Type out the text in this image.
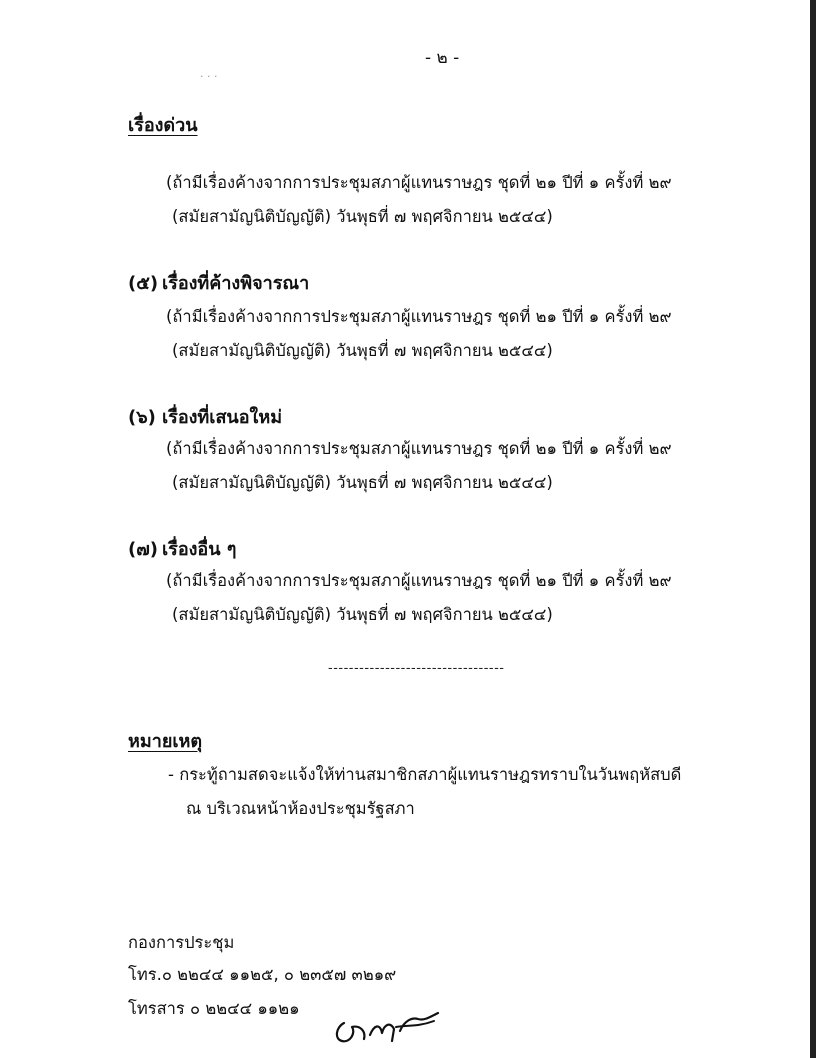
- ๒ -
· · ·
เรื่องด่วน
(ถ้ามีเรื่องค้างจากการประชุมสภาผู้แทนราษฎร ชุดที่ ๒๑ ปีที่ ๑ ครั้งที่ ๒๙
(สมัยสามัญนิติบัญญัติ) วันพุธที่ ๗ พฤศจิกายน ๒๕๔๔)
(๕) เรื่องที่ค้างพิจารณา
(ถ้ามีเรื่องค้างจากการประชุมสภาผู้แทนราษฎร ชุดที่ ๒๑ ปีที่ ๑ ครั้งที่ ๒๙
(สมัยสามัญนิติบัญญัติ) วันพุธที่ ๗ พฤศจิกายน ๒๕๔๔)
(๖) เรื่องที่เสนอใหม่
(ถ้ามีเรื่องค้างจากการประชุมสภาผู้แทนราษฎร ชุดที่ ๒๑ ปีที่ ๑ ครั้งที่ ๒๙
(สมัยสามัญนิติบัญญัติ) วันพุธที่ ๗ พฤศจิกายน ๒๕๔๔)
(๗) เรื่องอื่น ๆ
(ถ้ามีเรื่องค้างจากการประชุมสภาผู้แทนราษฎร ชุดที่ ๒๑ ปีที่ ๑ ครั้งที่ ๒๙
(สมัยสามัญนิติบัญญัติ) วันพุธที่ ๗ พฤศจิกายน ๒๕๔๔)
----------------------------------
หมายเหตุ
- กระทู้ถามสดจะแจ้งให้ท่านสมาชิกสภาผู้แทนราษฎรทราบในวันพฤหัสบดี
ณ บริเวณหน้าห้องประชุมรัฐสภา
กองการประชุม
โทร.๐ ๒๒๔๔ ๑๑๒๕, ๐ ๒๓๕๗ ๓๒๑๙
โทรสาร ๐ ๒๒๔๔ ๑๑๒๑
